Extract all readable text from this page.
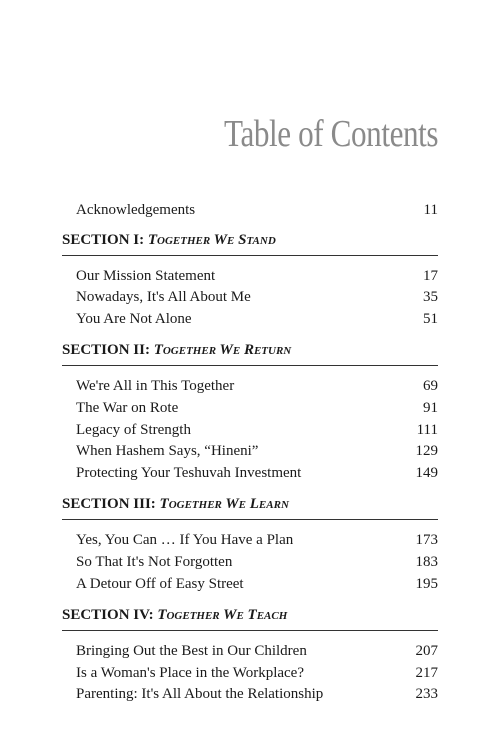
Table of Contents
Acknowledgements	11
SECTION I: Together We Stand
Our Mission Statement	17
Nowadays, It's All About Me	35
You Are Not Alone	51
SECTION II: Together We Return
We're All in This Together	69
The War on Rote	91
Legacy of Strength	111
When Hashem Says, “Hineni”	129
Protecting Your Teshuvah Investment	149
SECTION III: Together We Learn
Yes, You Can … If You Have a Plan	173
So That It's Not Forgotten	183
A Detour Off of Easy Street	195
SECTION IV: Together We Teach
Bringing Out the Best in Our Children	207
Is a Woman's Place in the Workplace?	217
Parenting: It's All About the Relationship	233
